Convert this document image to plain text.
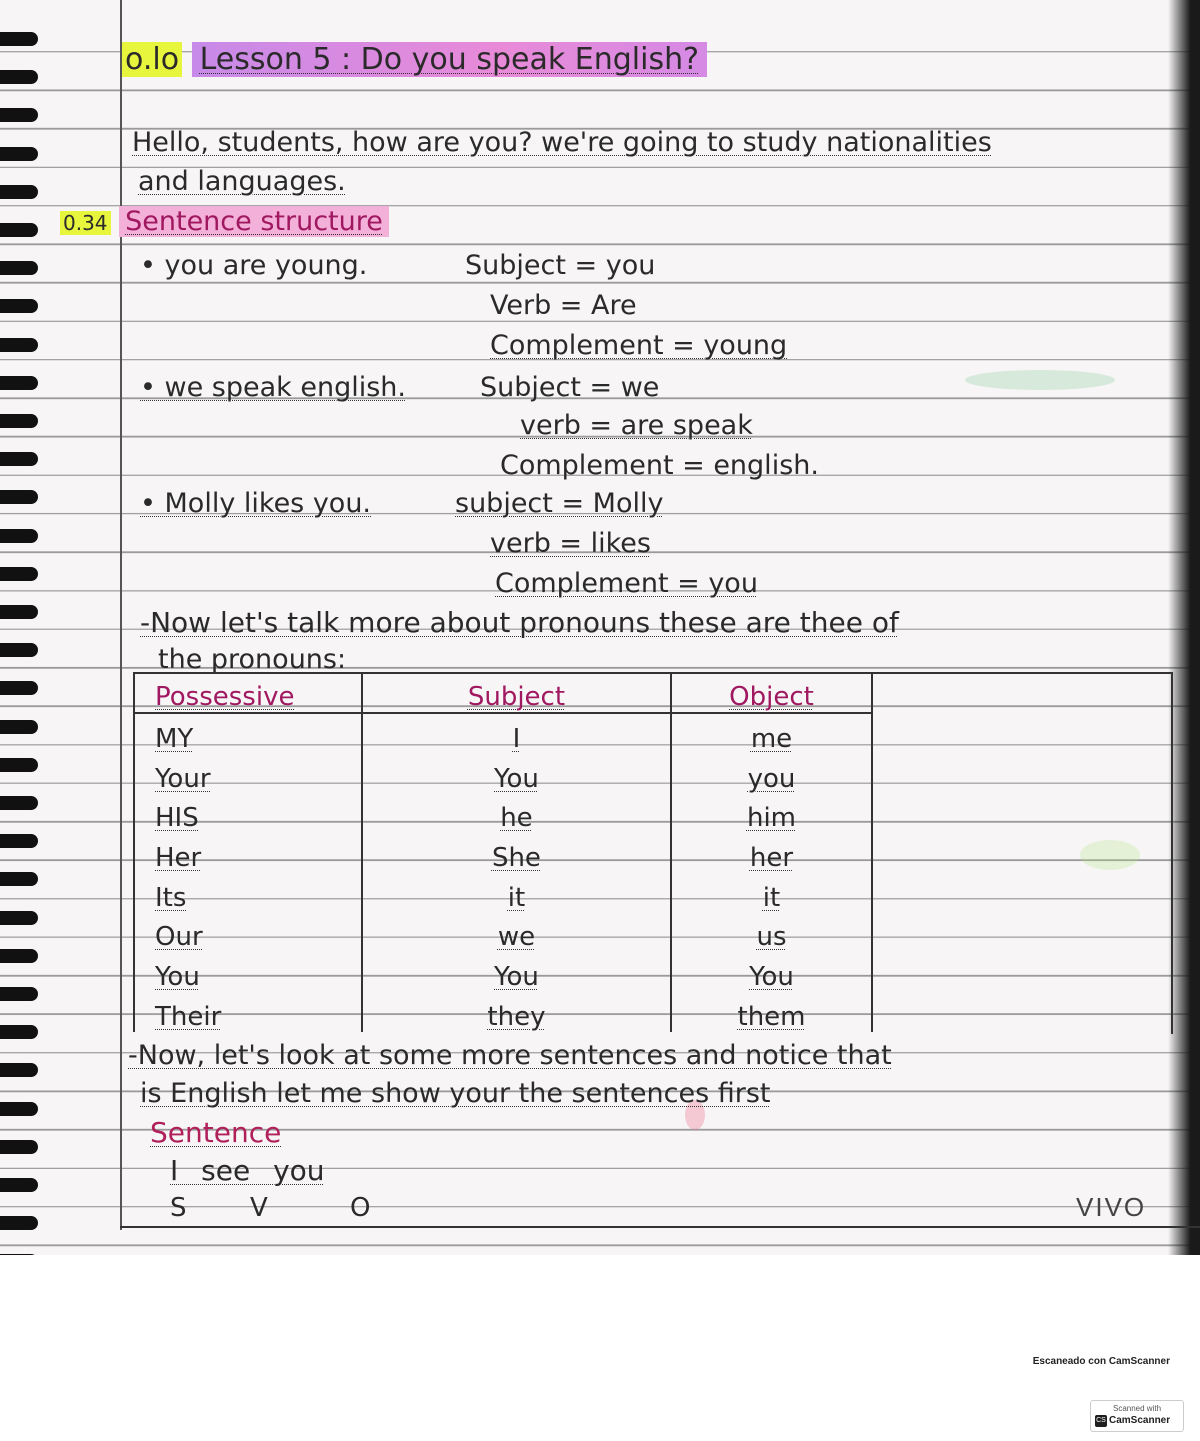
o.lo Lesson 5 : Do you speak English?
Hello, students, how are you? we're going to study nationalities
and languages.
0.34 Sentence structure
• you are young.	Subject = you
Verb = Are
Complement = young
• we speak english.	Subject = we
verb = are speak
Complement = english.
• Molly likes you.	subject = Molly
verb = likes
Complement = you
-Now let's talk more about pronouns these are thee of
the pronouns:
Possessive	Subject	Object
MY	I	me
Your	You	you
HIS	he	him
Her	She	her
Its	it	it
Our	we	us
You	You	You
Their	they	them
-Now, let's look at some more sentences and notice that
is English let me show your the sentences first
Sentence
I see you
S V	O	VIVO
Escaneado con CamScanner
Scanned with
CS CamScanner
